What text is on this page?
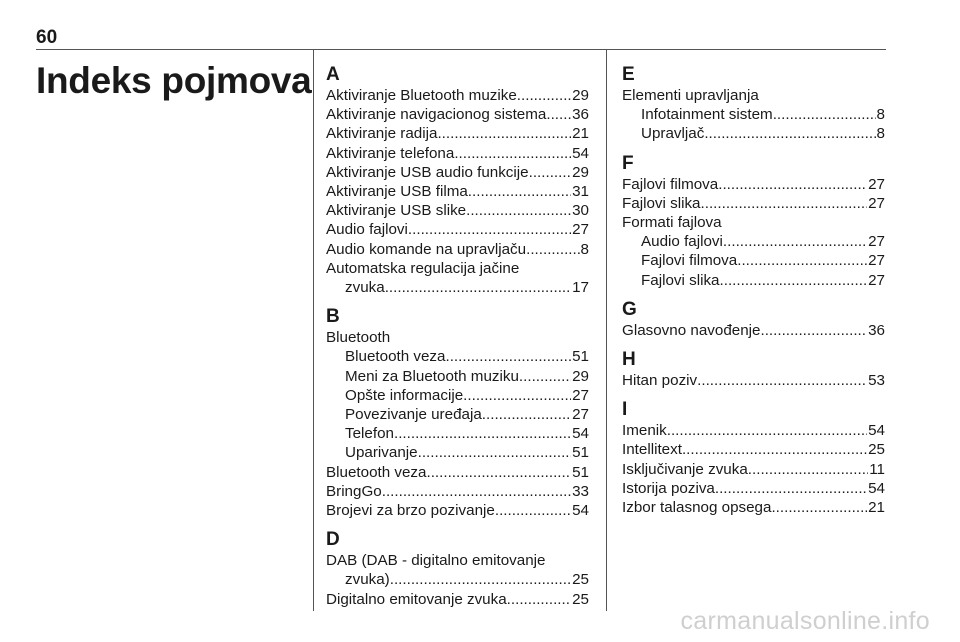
60
Indeks pojmova A
Aktiviranje Bluetooth muzike .....	29
Aktiviranje navigacionog sistema. ..... 36
Aktiviranje radija .....	21
Aktiviranje telefona .....	54
Aktiviranje USB audio funkcije .....	29
Aktiviranje USB filma .....	31
Aktiviranje USB slike .....	30
Audio fajlovi .....	27
Audio komande na upravljaču .....	8
Automatska regulacija jačine
zvuka .....	17
B
Bluetooth
Bluetooth veza .....	51
Meni za Bluetooth muziku .....	29
Opšte informacije .....	27
Povezivanje uređaja .....	27
Telefon .....	54
Uparivanje .....	51
Bluetooth veza .....	51
BringGo .....	33
Brojevi za brzo pozivanje .....	54
D
DAB (DAB - digitalno emitovanje
zvuka) .....	25
Digitalno emitovanje zvuka .....	25
E
Elementi upravljanja
Infotainment sistem .....	8
Upravljač .....	8
F
Fajlovi filmova .....	27
Fajlovi slika .....	27
Formati fajlova
Audio fajlovi .....	27
Fajlovi filmova .....	27
Fajlovi slika .....	27
G
Glasovno navođenje .....	36
H
Hitan poziv .....	53
I
Imenik .....	54
Intellitext .....	25
Isključivanje zvuka .....	11
Istorija poziva .....	54
Izbor talasnog opsega .....	21
carmanualsonline.info
